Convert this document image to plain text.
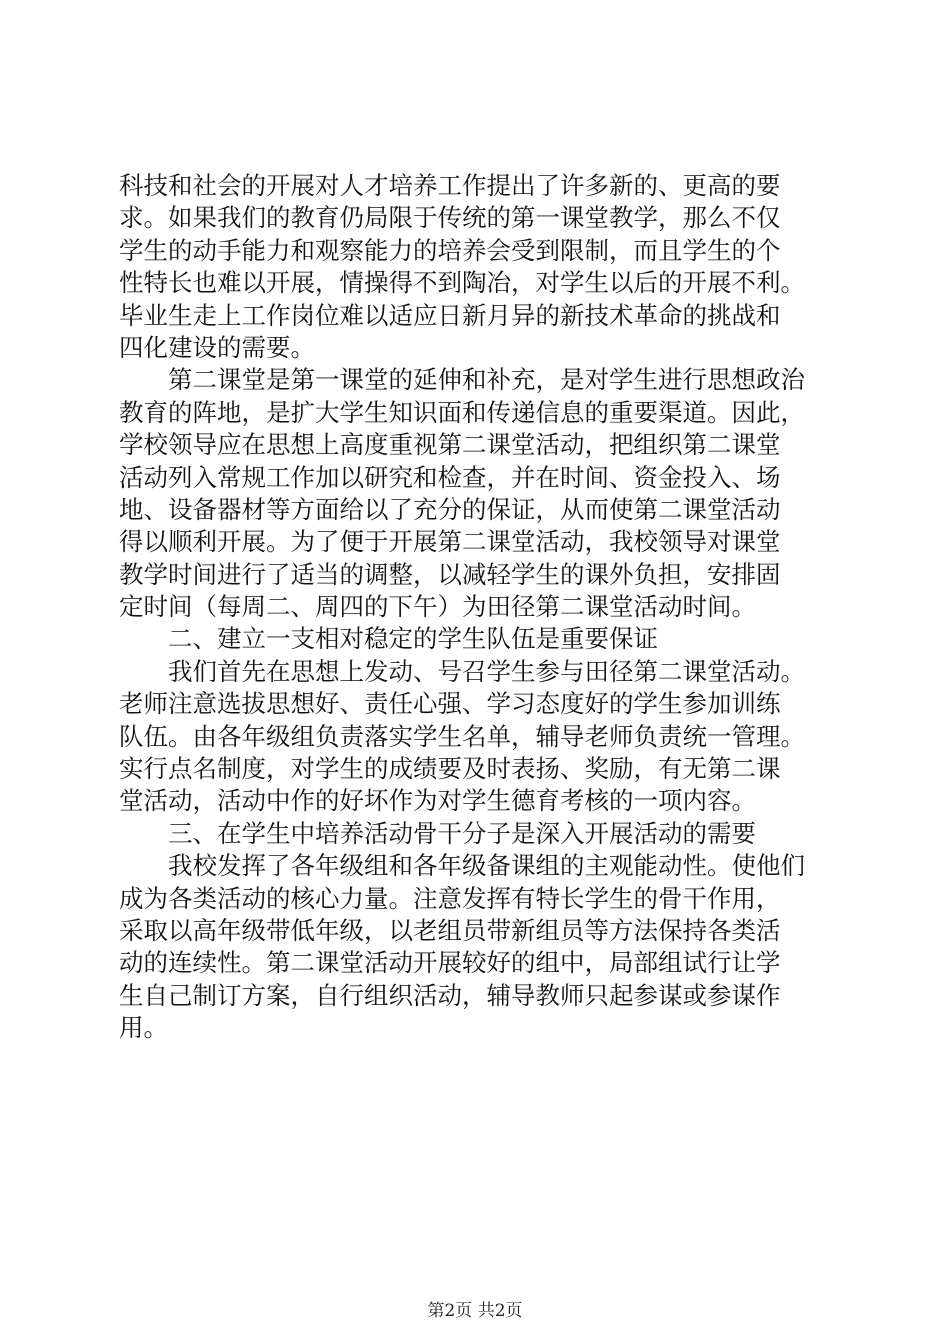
科技和社会的开展对人才培养工作提出了许多新的、更高的要
求。如果我们的教育仍局限于传统的第一课堂教学，那么不仅
学生的动手能力和观察能力的培养会受到限制，而且学生的个
性特长也难以开展，情操得不到陶冶，对学生以后的开展不利。
毕业生走上工作岗位难以适应日新月异的新技术革命的挑战和
四化建设的需要。
　　第二课堂是第一课堂的延伸和补充，是对学生进行思想政治
教育的阵地，是扩大学生知识面和传递信息的重要渠道。因此，
学校领导应在思想上高度重视第二课堂活动，把组织第二课堂
活动列入常规工作加以研究和检查，并在时间、资金投入、场
地、设备器材等方面给以了充分的保证，从而使第二课堂活动
得以顺利开展。为了便于开展第二课堂活动，我校领导对课堂
教学时间进行了适当的调整，以减轻学生的课外负担，安排固
定时间（每周二、周四的下午）为田径第二课堂活动时间。
　　二、建立一支相对稳定的学生队伍是重要保证
　　我们首先在思想上发动、号召学生参与田径第二课堂活动。
老师注意选拔思想好、责任心强、学习态度好的学生参加训练
队伍。由各年级组负责落实学生名单，辅导老师负责统一管理。
实行点名制度，对学生的成绩要及时表扬、奖励，有无第二课
堂活动，活动中作的好坏作为对学生德育考核的一项内容。
　　三、在学生中培养活动骨干分子是深入开展活动的需要
　　我校发挥了各年级组和各年级备课组的主观能动性。使他们
成为各类活动的核心力量。注意发挥有特长学生的骨干作用，
采取以高年级带低年级，以老组员带新组员等方法保持各类活
动的连续性。第二课堂活动开展较好的组中，局部组试行让学
生自己制订方案，自行组织活动，辅导教师只起参谋或参谋作
用。
第2页 共2页
